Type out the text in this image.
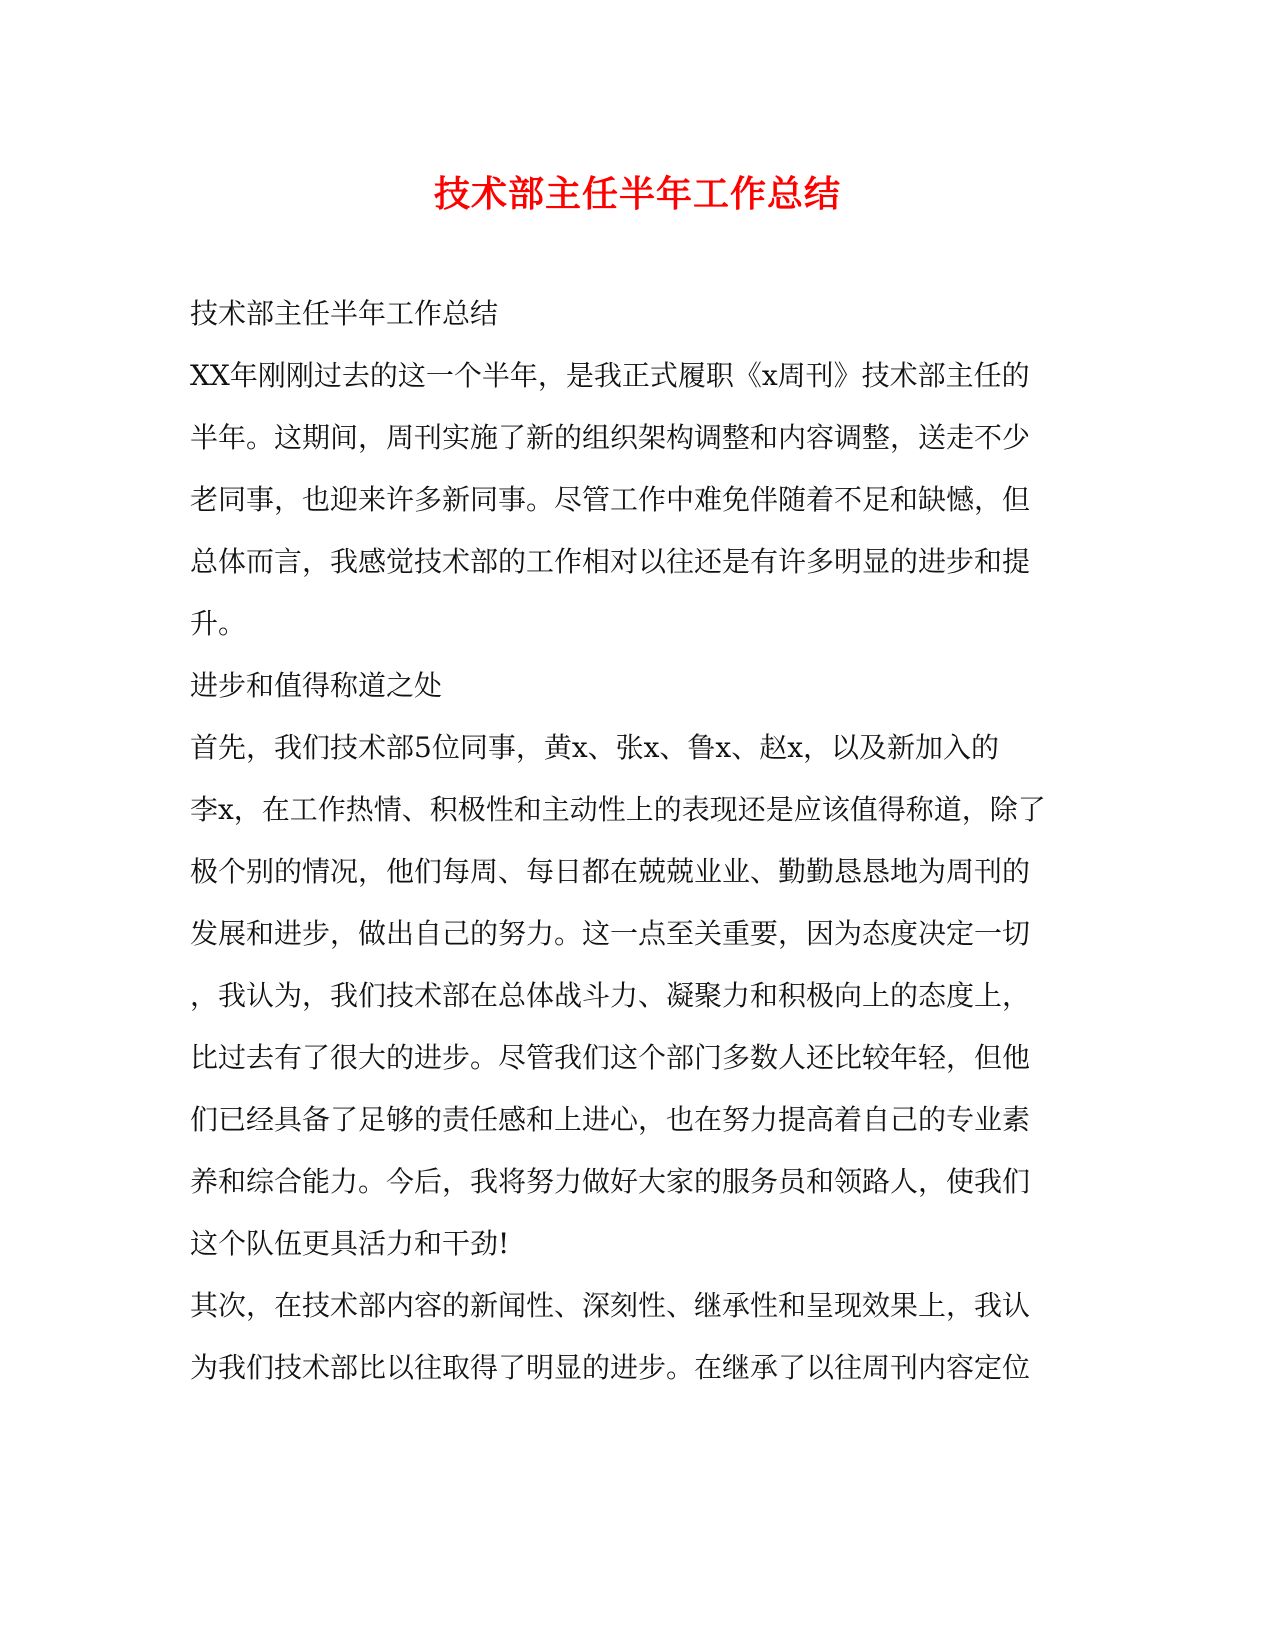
技术部主任半年工作总结
技术部主任半年工作总结
XX年刚刚过去的这一个半年，是我正式履职《x周刊》技术部主任的
半年。这期间，周刊实施了新的组织架构调整和内容调整，送走不少
老同事，也迎来许多新同事。尽管工作中难免伴随着不足和缺憾，但
总体而言，我感觉技术部的工作相对以往还是有许多明显的进步和提
升。
进步和值得称道之处
首先，我们技术部5位同事，黄x、张x、鲁x、赵x，以及新加入的
李x，在工作热情、积极性和主动性上的表现还是应该值得称道，除了
极个别的情况，他们每周、每日都在兢兢业业、勤勤恳恳地为周刊的
发展和进步，做出自己的努力。这一点至关重要，因为态度决定一切
，我认为，我们技术部在总体战斗力、凝聚力和积极向上的态度上，
比过去有了很大的进步。尽管我们这个部门多数人还比较年轻，但他
们已经具备了足够的责任感和上进心，也在努力提高着自己的专业素
养和综合能力。今后，我将努力做好大家的服务员和领路人，使我们
这个队伍更具活力和干劲!
其次，在技术部内容的新闻性、深刻性、继承性和呈现效果上，我认
为我们技术部比以往取得了明显的进步。在继承了以往周刊内容定位
